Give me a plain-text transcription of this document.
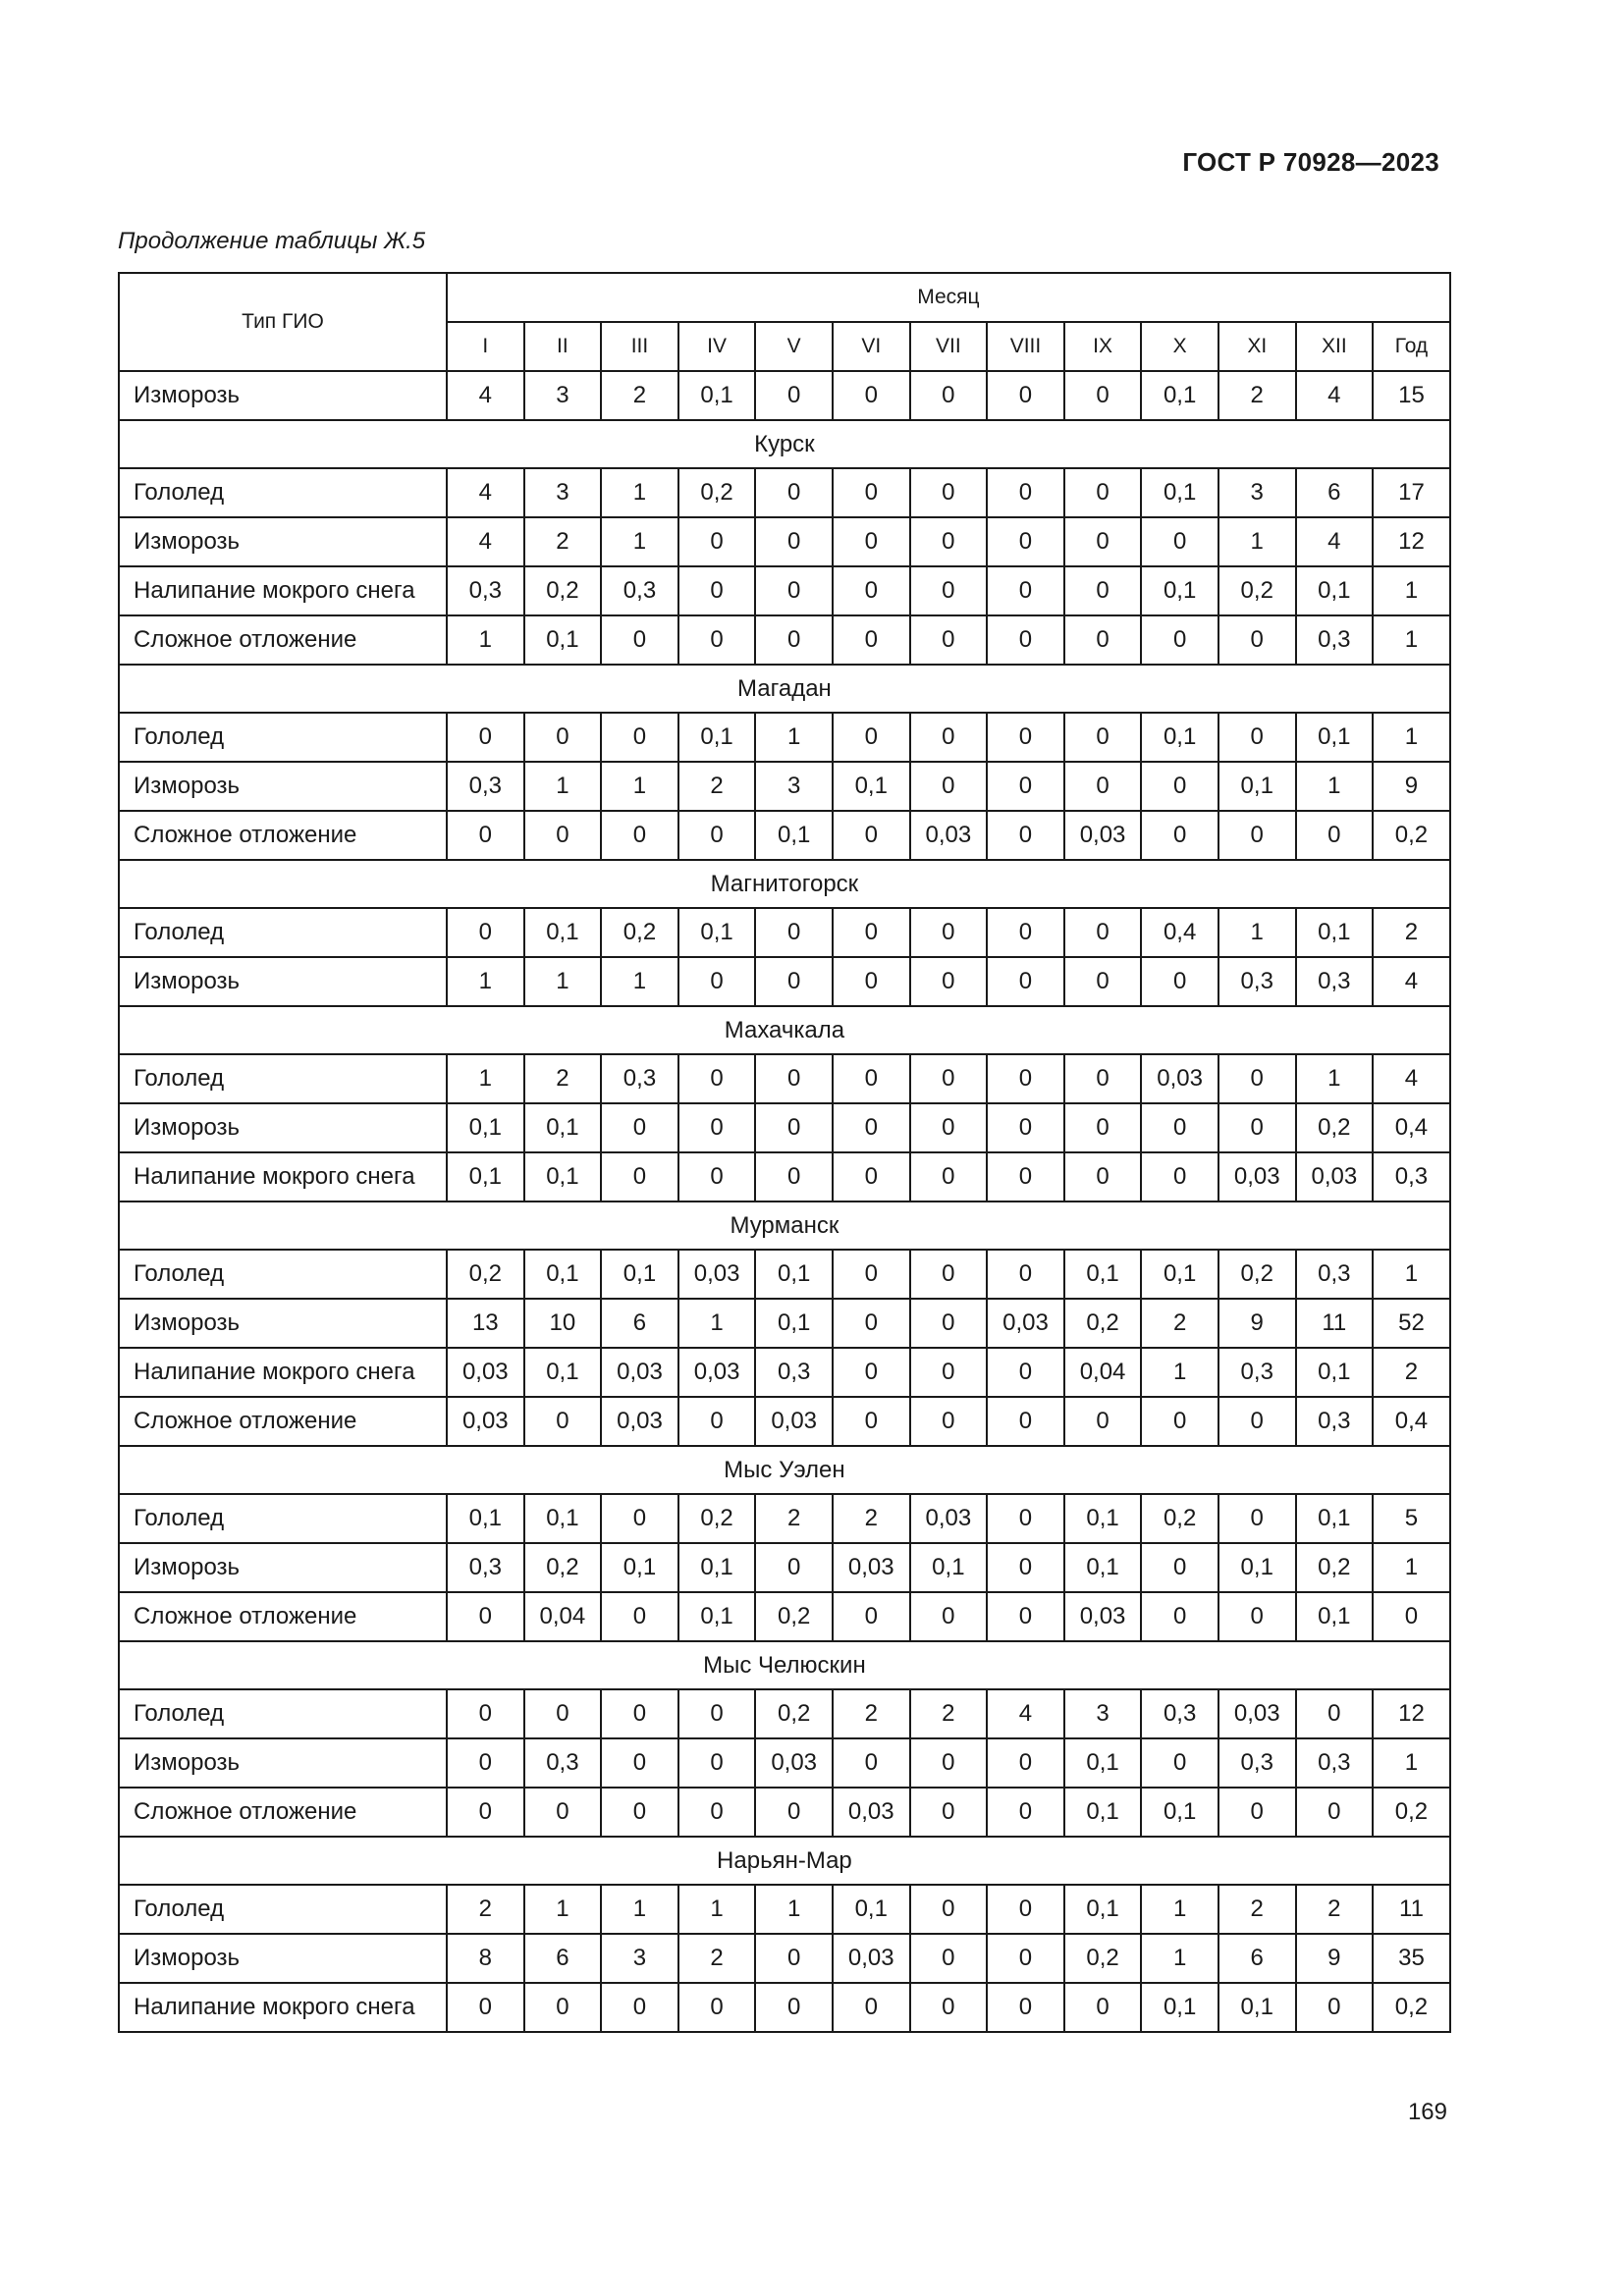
ГОСТ Р 70928—2023
Продолжение таблицы Ж.5
Тип ГИО	Месяц												
	I	II	III	IV	V	VI	VII	VIII	IX	X	XI	XII	Год
Изморозь	4	3	2	0,1	0	0	0	0	0	0,1	2	4	15
Курск													
Гололед	4	3	1	0,2	0	0	0	0	0	0,1	3	6	17
Изморозь	4	2	1	0	0	0	0	0	0	0	1	4	12
Налипание мокрого снега	0,3	0,2	0,3	0	0	0	0	0	0	0,1	0,2	0,1	1
Сложное отложение	1	0,1	0	0	0	0	0	0	0	0	0	0,3	1
Магадан													
Гололед	0	0	0	0,1	1	0	0	0	0	0,1	0	0,1	1
Изморозь	0,3	1	1	2	3	0,1	0	0	0	0	0,1	1	9
Сложное отложение	0	0	0	0	0,1	0	0,03	0	0,03	0	0	0	0,2
Магнитогорск													
Гололед	0	0,1	0,2	0,1	0	0	0	0	0	0,4	1	0,1	2
Изморозь	1	1	1	0	0	0	0	0	0	0	0,3	0,3	4
Махачкала													
Гололед	1	2	0,3	0	0	0	0	0	0	0,03	0	1	4
Изморозь	0,1	0,1	0	0	0	0	0	0	0	0	0	0,2	0,4
Налипание мокрого снега	0,1	0,1	0	0	0	0	0	0	0	0	0,03	0,03	0,3
Мурманск													
Гололед	0,2	0,1	0,1	0,03	0,1	0	0	0	0,1	0,1	0,2	0,3	1
Изморозь	13	10	6	1	0,1	0	0	0,03	0,2	2	9	11	52
Налипание мокрого снега	0,03	0,1	0,03	0,03	0,3	0	0	0	0,04	1	0,3	0,1	2
Сложное отложение	0,03	0	0,03	0	0,03	0	0	0	0	0	0	0,3	0,4
Мыс Уэлен													
Гололед	0,1	0,1	0	0,2	2	2	0,03	0	0,1	0,2	0	0,1	5
Изморозь	0,3	0,2	0,1	0,1	0	0,03	0,1	0	0,1	0	0,1	0,2	1
Сложное отложение	0	0,04	0	0,1	0,2	0	0	0	0,03	0	0	0,1	0
Мыс Челюскин													
Гололед	0	0	0	0	0,2	2	2	4	3	0,3	0,03	0	12
Изморозь	0	0,3	0	0	0,03	0	0	0	0,1	0	0,3	0,3	1
Сложное отложение	0	0	0	0	0	0,03	0	0	0,1	0,1	0	0	0,2
Нарьян-Мар													
Гололед	2	1	1	1	1	0,1	0	0	0,1	1	2	2	11
Изморозь	8	6	3	2	0	0,03	0	0	0,2	1	6	9	35
Налипание мокрого снега	0	0	0	0	0	0	0	0	0	0,1	0,1	0	0,2
169
